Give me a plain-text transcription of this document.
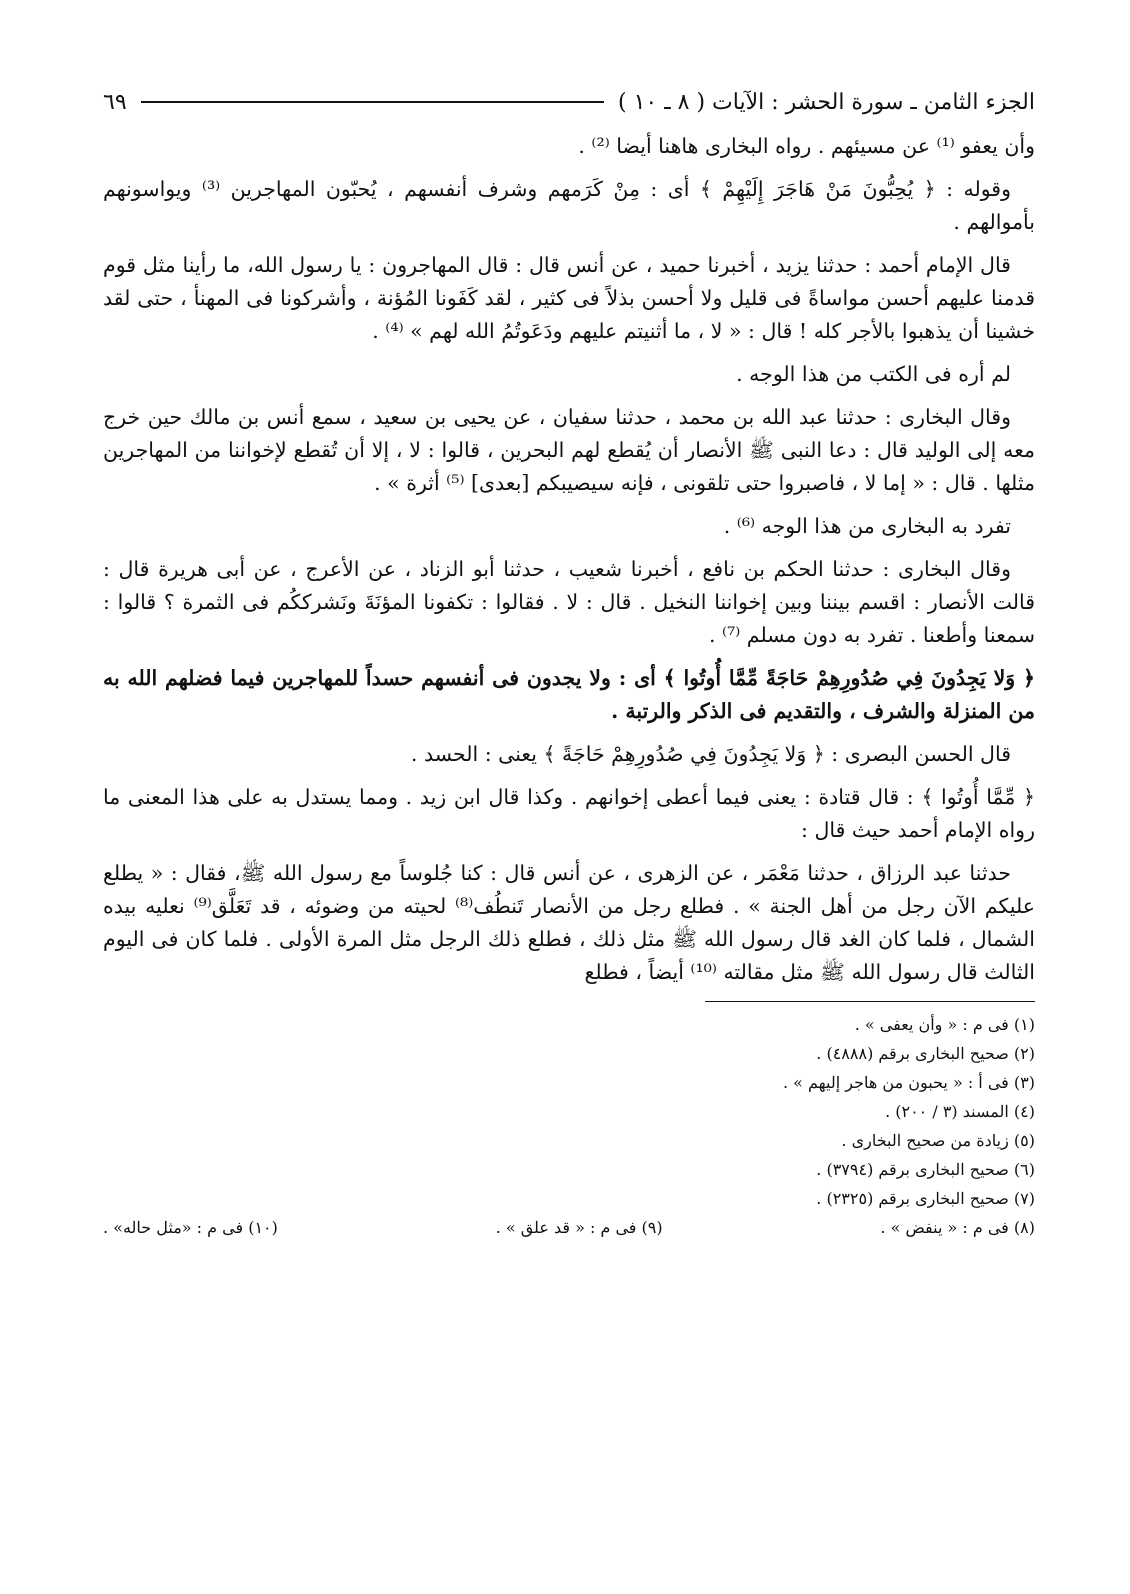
الجزء الثامن ـ سورة الحشر : الآيات ( ٨ ـ ١٠ )
٦٩

وأن يعفو ⁽¹⁾ عن مسيئهم . رواه البخارى هاهنا أيضا ⁽²⁾ .

وقوله : ﴿ يُحِبُّونَ مَنْ هَاجَرَ إِلَيْهِمْ ﴾ أى : مِنْ كَرَمهم وشرف أنفسهم ، يُحبّون المهاجرين ⁽³⁾ ويواسونهم بأموالهم .

قال الإمام أحمد : حدثنا يزيد ، أخبرنا حميد ، عن أنس قال : قال المهاجرون : يا رسول الله، ما رأينا مثل قوم قدمنا عليهم أحسن مواساةً فى قليل ولا أحسن بذلاً فى كثير ، لقد كَفَونا المُؤنة ، وأشركونا فى المهنأ ، حتى لقد خشينا أن يذهبوا بالأجر كله ! قال : « لا ، ما أثنيتم عليهم ودَعَوتُمُ الله لهم » ⁽⁴⁾ .

لم أره فى الكتب من هذا الوجه .

وقال البخارى : حدثنا عبد الله بن محمد ، حدثنا سفيان ، عن يحيى بن سعيد ، سمع أنس بن مالك حين خرج معه إلى الوليد قال : دعا النبى ﷺ الأنصار أن يُقطع لهم البحرين ، قالوا : لا ، إلا أن تُقطع لإخواننا من المهاجرين مثلها . قال : « إما لا ، فاصبروا حتى تلقونى ، فإنه سيصيبكم [بعدى] ⁽⁵⁾ أثرة » .

تفرد به البخارى من هذا الوجه ⁽⁶⁾ .

وقال البخارى : حدثنا الحكم بن نافع ، أخبرنا شعيب ، حدثنا أبو الزناد ، عن الأعرج ، عن أبى هريرة قال : قالت الأنصار : اقسم بيننا وبين إخواننا النخيل . قال : لا . فقالوا : تكفونا المؤنَةَ ونَشرككُم فى الثمرة ؟ قالوا : سمعنا وأطعنا . تفرد به دون مسلم ⁽⁷⁾ .

﴿ وَلا يَجِدُونَ فِي صُدُورِهِمْ حَاجَةً مِّمَّا أُوتُوا ﴾ أى : ولا يجدون فى أنفسهم حسداً للمهاجرين فيما فضلهم الله به من المنزلة والشرف ، والتقديم فى الذكر والرتبة .

قال الحسن البصرى : ﴿ وَلا يَجِدُونَ فِي صُدُورِهِمْ حَاجَةً ﴾ يعنى : الحسد .

﴿ مِّمَّا أُوتُوا ﴾ : قال قتادة : يعنى فيما أعطى إخوانهم . وكذا قال ابن زيد . ومما يستدل به على هذا المعنى ما رواه الإمام أحمد حيث قال :

حدثنا عبد الرزاق ، حدثنا مَعْمَر ، عن الزهرى ، عن أنس قال : كنا جُلوساً مع رسول الله ﷺ، فقال : « يطلع عليكم الآن رجل من أهل الجنة » . فطلع رجل من الأنصار تَنطُف⁽⁸⁾ لحيته من وضوئه ، قد تَعَلَّق⁽⁹⁾ نعليه بيده الشمال ، فلما كان الغد قال رسول الله ﷺ مثل ذلك ، فطلع ذلك الرجل مثل المرة الأولى . فلما كان فى اليوم الثالث قال رسول الله ﷺ مثل مقالته ⁽¹⁰⁾ أيضاً ، فطلع

(١) فى م : « وأن يعفى » .

(٢) صحيح البخارى برقم (٤٨٨٨) .

(٣) فى أ : « يحبون من هاجر إليهم » .

(٤) المسند (٣ / ٢٠٠) .

(٥) زيادة من صحيح البخارى .

(٦) صحيح البخارى برقم (٣٧٩٤) .

(٧) صحيح البخارى برقم (٢٣٢٥) .

(٨) فى م : « ينفض » .
(٩) فى م : « قد علق » .
(١٠) فى م : «مثل حاله» .
